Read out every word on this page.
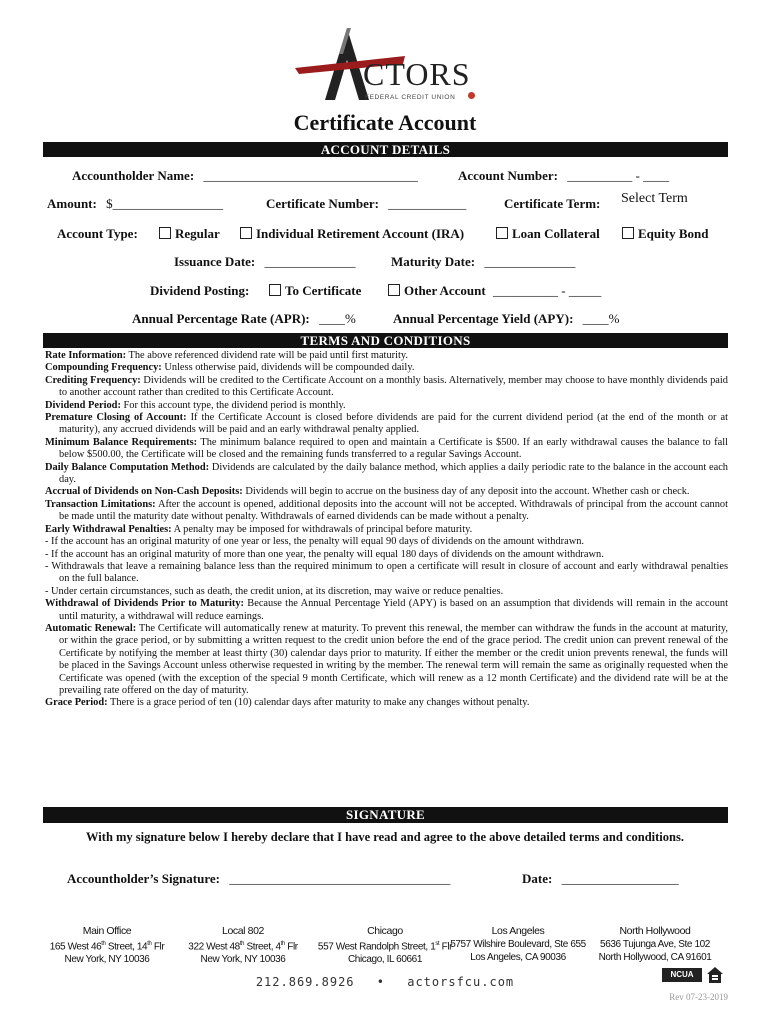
CTORS
FEDERAL CREDIT UNION
Certificate Account
ACCOUNT DETAILS
Accountholder Name: _________________________________	Account Number: __________ - ____
Amount: $_________________	Certificate Number: ____________	Certificate Term: Select Term
Account Type:	Regular	Individual Retirement Account (IRA)	Loan Collateral	Equity Bond
Issuance Date: ______________	Maturity Date: ______________
Dividend Posting:	To Certificate	Other Account __________ - _____
Annual Percentage Rate (APR): ____%	Annual Percentage Yield (APY): ____%
TERMS AND CONDITIONS

Rate Information: The above referenced dividend rate will be paid until first maturity.

Compounding Frequency: Unless otherwise paid, dividends will be compounded daily.

Crediting Frequency: Dividends will be credited to the Certificate Account on a monthly basis. Alternatively, member may choose to have monthly dividends paid to another account rather than credited to this Certificate Account.

Dividend Period: For this account type, the dividend period is monthly.

Premature Closing of Account: If the Certificate Account is closed before dividends are paid for the current dividend period (at the end of the month or at maturity), any accrued dividends will be paid and an early withdrawal penalty applied.

Minimum Balance Requirements: The minimum balance required to open and maintain a Certificate is $500. If an early withdrawal causes the balance to fall below $500.00, the Certificate will be closed and the remaining funds transferred to a regular Savings Account.

Daily Balance Computation Method: Dividends are calculated by the daily balance method, which applies a daily periodic rate to the balance in the account each day.

Accrual of Dividends on Non-Cash Deposits: Dividends will begin to accrue on the business day of any deposit into the account. Whether cash or check.

Transaction Limitations: After the account is opened, additional deposits into the account will not be accepted. Withdrawals of principal from the account cannot be made until the maturity date without penalty. Withdrawals of earned dividends can be made without a penalty.

Early Withdrawal Penalties: A penalty may be imposed for withdrawals of principal before maturity.

- If the account has an original maturity of one year or less, the penalty will equal 90 days of dividends on the amount withdrawn.

- If the account has an original maturity of more than one year, the penalty will equal 180 days of dividends on the amount withdrawn.

- Withdrawals that leave a remaining balance less than the required minimum to open a certificate will result in closure of account and early withdrawal penalties on the full balance.

- Under certain circumstances, such as death, the credit union, at its discretion, may waive or reduce penalties.

Withdrawal of Dividends Prior to Maturity: Because the Annual Percentage Yield (APY) is based on an assumption that dividends will remain in the account until maturity, a withdrawal will reduce earnings.

Automatic Renewal: The Certificate will automatically renew at maturity. To prevent this renewal, the member can withdraw the funds in the account at maturity, or within the grace period, or by submitting a written request to the credit union before the end of the grace period. The credit union can prevent renewal of the Certificate by notifying the member at least thirty (30) calendar days prior to maturity. If either the member or the credit union prevents renewal, the funds will be placed in the Savings Account unless otherwise requested in writing by the member. The renewal term will remain the same as originally requested when the Certificate was opened (with the exception of the special 9 month Certificate, which will renew as a 12 month Certificate) and the dividend rate will be at the prevailing rate offered on the day of maturity.

Grace Period: There is a grace period of ten (10) calendar days after maturity to make any changes without penalty.

SIGNATURE
With my signature below I hereby declare that I have read and agree to the above detailed terms and conditions.
Accountholder’s Signature: __________________________________	Date: __________________
Main Office
165 West 46th Street, 14th Flr
New York, NY 10036
Local 802
322 West 48th Street, 4th Flr
New York, NY 10036
Chicago
557 West Randolph Street, 1st Flr
Chicago, IL 60661
Los Angeles
5757 Wilshire Boulevard, Ste 655
Los Angeles, CA 90036
North Hollywood
5636 Tujunga Ave, Ste 102
North Hollywood, CA 91601
212.869.8926 • actorsfcu.com
NCUA
Rev 07-23-2019
